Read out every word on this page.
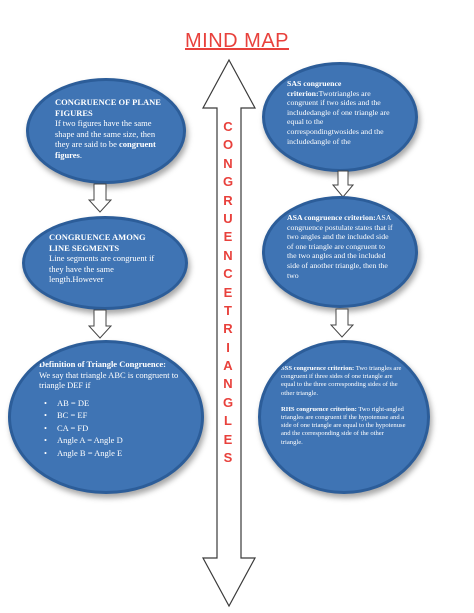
MIND MAP
C
O
N
G
R
U
E
N
C
E
T
R
I
A
N
G
L
E
S
CONGRUENCE OF PLANE FIGURES
If two figures have the same shape and the same size, then they are said to be congruent figures.
CONGRUENCE AMONG LINE SEGMENTS
Line segments are congruent if they have the same length.However
Definition of Triangle Congruence: We say that triangle ABC is congruent to triangle DEF if
• AB = DE
• BC = EF
• CA = FD
• Angle A = Angle D
• Angle B = Angle E
SAS congruence criterion:Twotriangles are congruent if two sides and the includedangle of one triangle are equal to the correspondingtwosides and the includedangle of the
ASA congruence criterion:ASA congruence postulate states that if two angles and the included side of one triangle are congruent to the two angles and the included side of another triangle, then the two
SSS congruence criterion: Two triangles are congruent if three sides of one triangle are equal to the three corresponding sides of the other triangle.
RHS congruence criterion: Two right-angled triangles are congruent if the hypotenuse and a side of one triangle are equal to the hypotenuse and the corresponding side of the other triangle.
